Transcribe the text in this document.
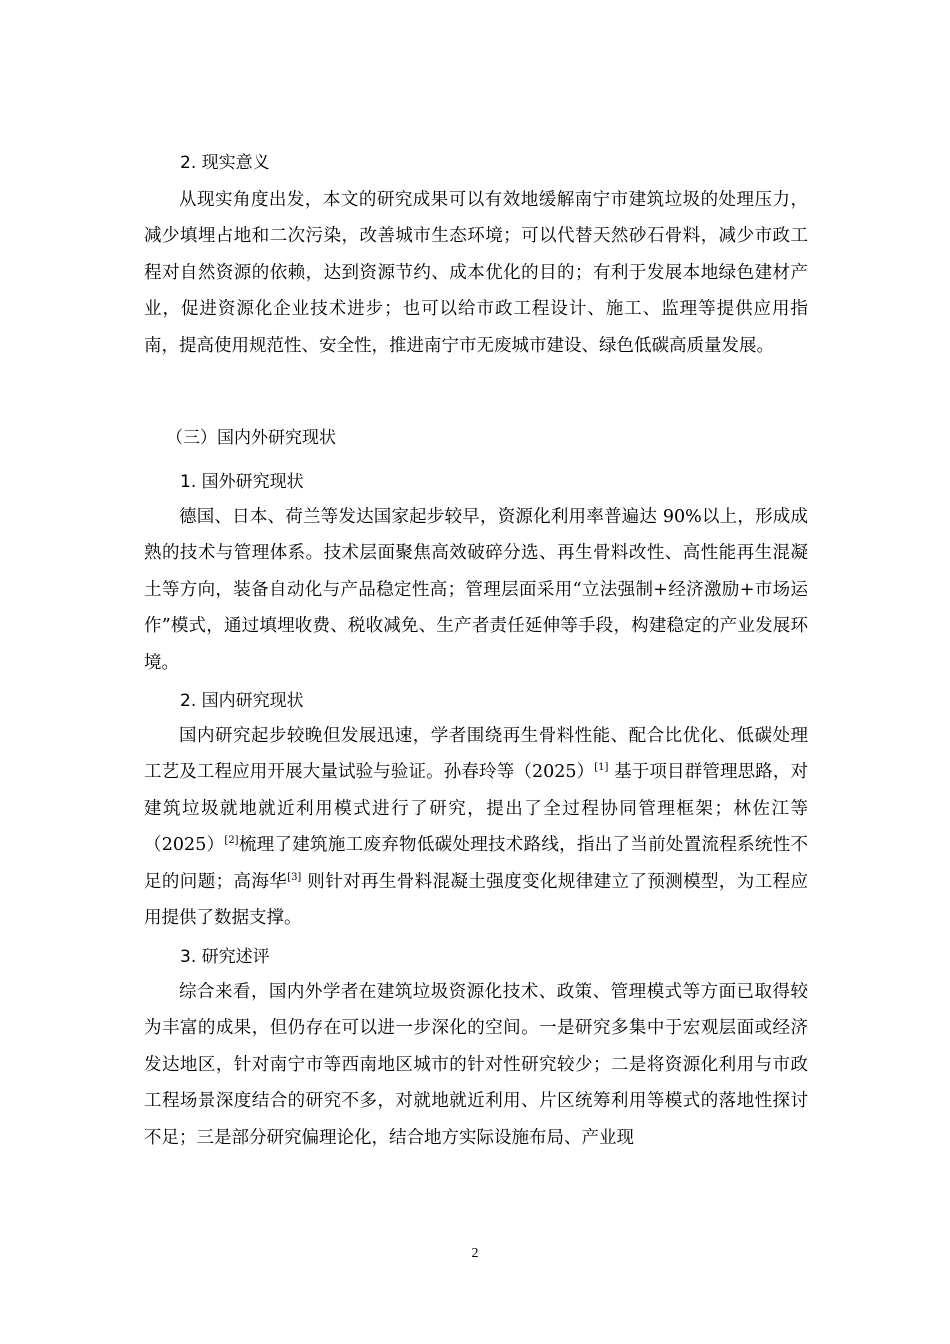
2. 现实意义

从现实角度出发，本文的研究成果可以有效地缓解南宁市建筑垃圾的处理压力，减少填埋占地和二次污染，改善城市生态环境；可以代替天然砂石骨料，减少市政工程对自然资源的依赖，达到资源节约、成本优化的目的；有利于发展本地绿色建材产业，促进资源化企业技术进步；也可以给市政工程设计、施工、监理等提供应用指南，提高使用规范性、安全性，推进南宁市无废城市建设、绿色低碳高质量发展。

（三）国内外研究现状
1. 国外研究现状

德国、日本、荷兰等发达国家起步较早，资源化利用率普遍达 90%以上，形成成熟的技术与管理体系。技术层面聚焦高效破碎分选、再生骨料改性、高性能再生混凝土等方向，装备自动化与产品稳定性高；管理层面采用“立法强制+经济激励+市场运作”模式，通过填埋收费、税收减免、生产者责任延伸等手段，构建稳定的产业发展环境。

2. 国内研究现状

国内研究起步较晚但发展迅速，学者围绕再生骨料性能、配合比优化、低碳处理工艺及工程应用开展大量试验与验证。孙春玲等（2025）[1] 基于项目群管理思路，对建筑垃圾就地就近利用模式进行了研究，提出了全过程协同管理框架；林佐江等（2025）[2]梳理了建筑施工废弃物低碳处理技术路线，指出了当前处置流程系统性不足的问题；高海华[3] 则针对再生骨料混凝土强度变化规律建立了预测模型，为工程应用提供了数据支撑。

3. 研究述评

综合来看，国内外学者在建筑垃圾资源化技术、政策、管理模式等方面已取得较为丰富的成果，但仍存在可以进一步深化的空间。一是研究多集中于宏观层面或经济发达地区，针对南宁市等西南地区城市的针对性研究较少；二是将资源化利用与市政工程场景深度结合的研究不多，对就地就近利用、片区统筹利用等模式的落地性探讨不足；三是部分研究偏理论化，结合地方实际设施布局、产业现

2
